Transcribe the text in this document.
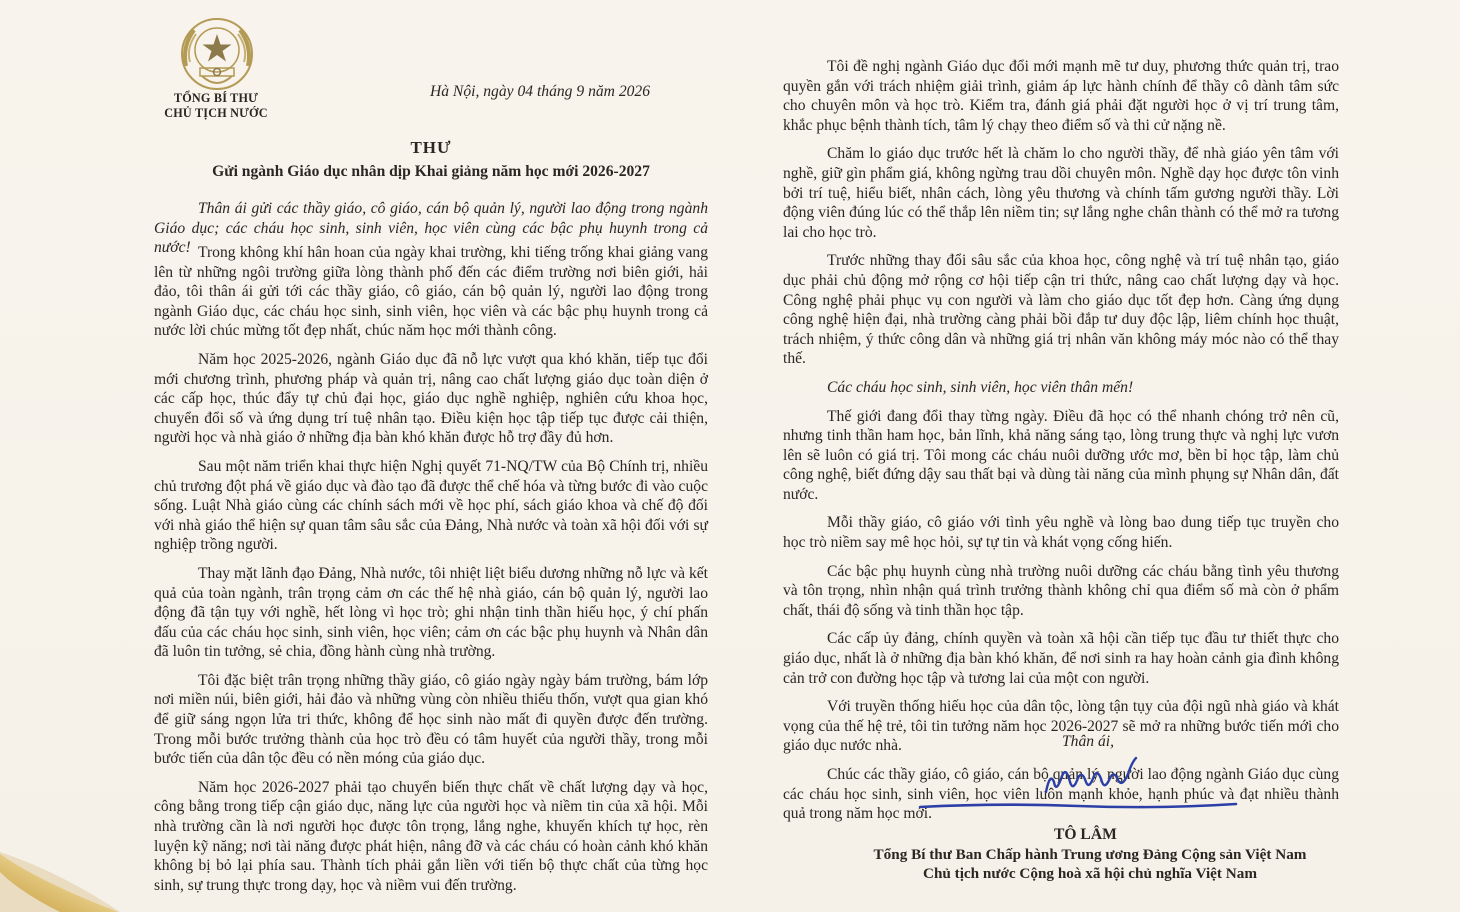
TỔNG BÍ THƯ
CHỦ TỊCH NƯỚC
Hà Nội, ngày 04 tháng 9 năm 2026
THƯ
Gửi ngành Giáo dục nhân dịp Khai giảng năm học mới 2026-2027

Thân ái gửi các thầy giáo, cô giáo, cán bộ quản lý, người lao động trong ngành Giáo dục; các cháu học sinh, sinh viên, học viên cùng các bậc phụ huynh trong cả nước! Trong không khí hân hoan của ngày khai trường, khi tiếng trống khai giảng vang lên từ những ngôi trường giữa lòng thành phố đến các điểm trường nơi biên giới, hải đảo, tôi thân ái gửi tới các thầy giáo, cô giáo, cán bộ quản lý, người lao động trong ngành Giáo dục, các cháu học sinh, sinh viên, học viên và các bậc phụ huynh trong cả nước lời chúc mừng tốt đẹp nhất, chúc năm học mới thành công.

Năm học 2025-2026, ngành Giáo dục đã nỗ lực vượt qua khó khăn, tiếp tục đổi mới chương trình, phương pháp và quản trị, nâng cao chất lượng giáo dục toàn diện ở các cấp học, thúc đẩy tự chủ đại học, giáo dục nghề nghiệp, nghiên cứu khoa học, chuyển đổi số và ứng dụng trí tuệ nhân tạo. Điều kiện học tập tiếp tục được cải thiện, người học và nhà giáo ở những địa bàn khó khăn được hỗ trợ đầy đủ hơn.

Sau một năm triển khai thực hiện Nghị quyết 71-NQ/TW của Bộ Chính trị, nhiều chủ trương đột phá về giáo dục và đào tạo đã được thể chế hóa và từng bước đi vào cuộc sống. Luật Nhà giáo cùng các chính sách mới về học phí, sách giáo khoa và chế độ đối với nhà giáo thể hiện sự quan tâm sâu sắc của Đảng, Nhà nước và toàn xã hội đối với sự nghiệp trồng người.

Thay mặt lãnh đạo Đảng, Nhà nước, tôi nhiệt liệt biểu dương những nỗ lực và kết quả của toàn ngành, trân trọng cảm ơn các thế hệ nhà giáo, cán bộ quản lý, người lao động đã tận tụy với nghề, hết lòng vì học trò; ghi nhận tinh thần hiếu học, ý chí phấn đấu của các cháu học sinh, sinh viên, học viên; cảm ơn các bậc phụ huynh và Nhân dân đã luôn tin tưởng, sẻ chia, đồng hành cùng nhà trường.

Tôi đặc biệt trân trọng những thầy giáo, cô giáo ngày ngày bám trường, bám lớp nơi miền núi, biên giới, hải đảo và những vùng còn nhiều thiếu thốn, vượt qua gian khó để giữ sáng ngọn lửa tri thức, không để học sinh nào mất đi quyền được đến trường. Trong mỗi bước trưởng thành của học trò đều có tâm huyết của người thầy, trong mỗi bước tiến của dân tộc đều có nền móng của giáo dục.

Năm học 2026-2027 phải tạo chuyển biến thực chất về chất lượng dạy và học, công bằng trong tiếp cận giáo dục, năng lực của người học và niềm tin của xã hội. Mỗi nhà trường cần là nơi người học được tôn trọng, lắng nghe, khuyến khích tự học, rèn luyện kỹ năng; nơi tài năng được phát hiện, nâng đỡ và các cháu có hoàn cảnh khó khăn không bị bỏ lại phía sau. Thành tích phải gắn liền với tiến bộ thực chất của từng học sinh, sự trung thực trong dạy, học và niềm vui đến trường.

Tôi đề nghị ngành Giáo dục đổi mới mạnh mẽ tư duy, phương thức quản trị, trao quyền gắn với trách nhiệm giải trình, giảm áp lực hành chính để thầy cô dành tâm sức cho chuyên môn và học trò. Kiểm tra, đánh giá phải đặt người học ở vị trí trung tâm, khắc phục bệnh thành tích, tâm lý chạy theo điểm số và thi cử nặng nề.

Chăm lo giáo dục trước hết là chăm lo cho người thầy, để nhà giáo yên tâm với nghề, giữ gìn phẩm giá, không ngừng trau dồi chuyên môn. Nghề dạy học được tôn vinh bởi trí tuệ, hiểu biết, nhân cách, lòng yêu thương và chính tấm gương người thầy. Lời động viên đúng lúc có thể thắp lên niềm tin; sự lắng nghe chân thành có thể mở ra tương lai cho học trò.

Trước những thay đổi sâu sắc của khoa học, công nghệ và trí tuệ nhân tạo, giáo dục phải chủ động mở rộng cơ hội tiếp cận tri thức, nâng cao chất lượng dạy và học. Công nghệ phải phục vụ con người và làm cho giáo dục tốt đẹp hơn. Càng ứng dụng công nghệ hiện đại, nhà trường càng phải bồi đắp tư duy độc lập, liêm chính học thuật, trách nhiệm, ý thức công dân và những giá trị nhân văn không máy móc nào có thể thay thế.

Các cháu học sinh, sinh viên, học viên thân mến!

Thế giới đang đổi thay từng ngày. Điều đã học có thể nhanh chóng trở nên cũ, nhưng tinh thần ham học, bản lĩnh, khả năng sáng tạo, lòng trung thực và nghị lực vươn lên sẽ luôn có giá trị. Tôi mong các cháu nuôi dưỡng ước mơ, bền bỉ học tập, làm chủ công nghệ, biết đứng dậy sau thất bại và dùng tài năng của mình phụng sự Nhân dân, đất nước.

Mỗi thầy giáo, cô giáo với tình yêu nghề và lòng bao dung tiếp tục truyền cho học trò niềm say mê học hỏi, sự tự tin và khát vọng cống hiến.

Các bậc phụ huynh cùng nhà trường nuôi dưỡng các cháu bằng tình yêu thương và tôn trọng, nhìn nhận quá trình trưởng thành không chỉ qua điểm số mà còn ở phẩm chất, thái độ sống và tinh thần học tập.

Các cấp ủy đảng, chính quyền và toàn xã hội cần tiếp tục đầu tư thiết thực cho giáo dục, nhất là ở những địa bàn khó khăn, để nơi sinh ra hay hoàn cảnh gia đình không cản trở con đường học tập và tương lai của một con người.

Với truyền thống hiếu học của dân tộc, lòng tận tụy của đội ngũ nhà giáo và khát vọng của thế hệ trẻ, tôi tin tưởng năm học 2026-2027 sẽ mở ra những bước tiến mới cho giáo dục nước nhà.

Chúc các thầy giáo, cô giáo, cán bộ quản lý, người lao động ngành Giáo dục cùng các cháu học sinh, sinh viên, học viên luôn mạnh khỏe, hạnh phúc và đạt nhiều thành quả trong năm học mới.

Thân ái,
TÔ LÂM
Tổng Bí thư Ban Chấp hành Trung ương Đảng Cộng sản Việt Nam
Chủ tịch nước Cộng hoà xã hội chủ nghĩa Việt Nam
